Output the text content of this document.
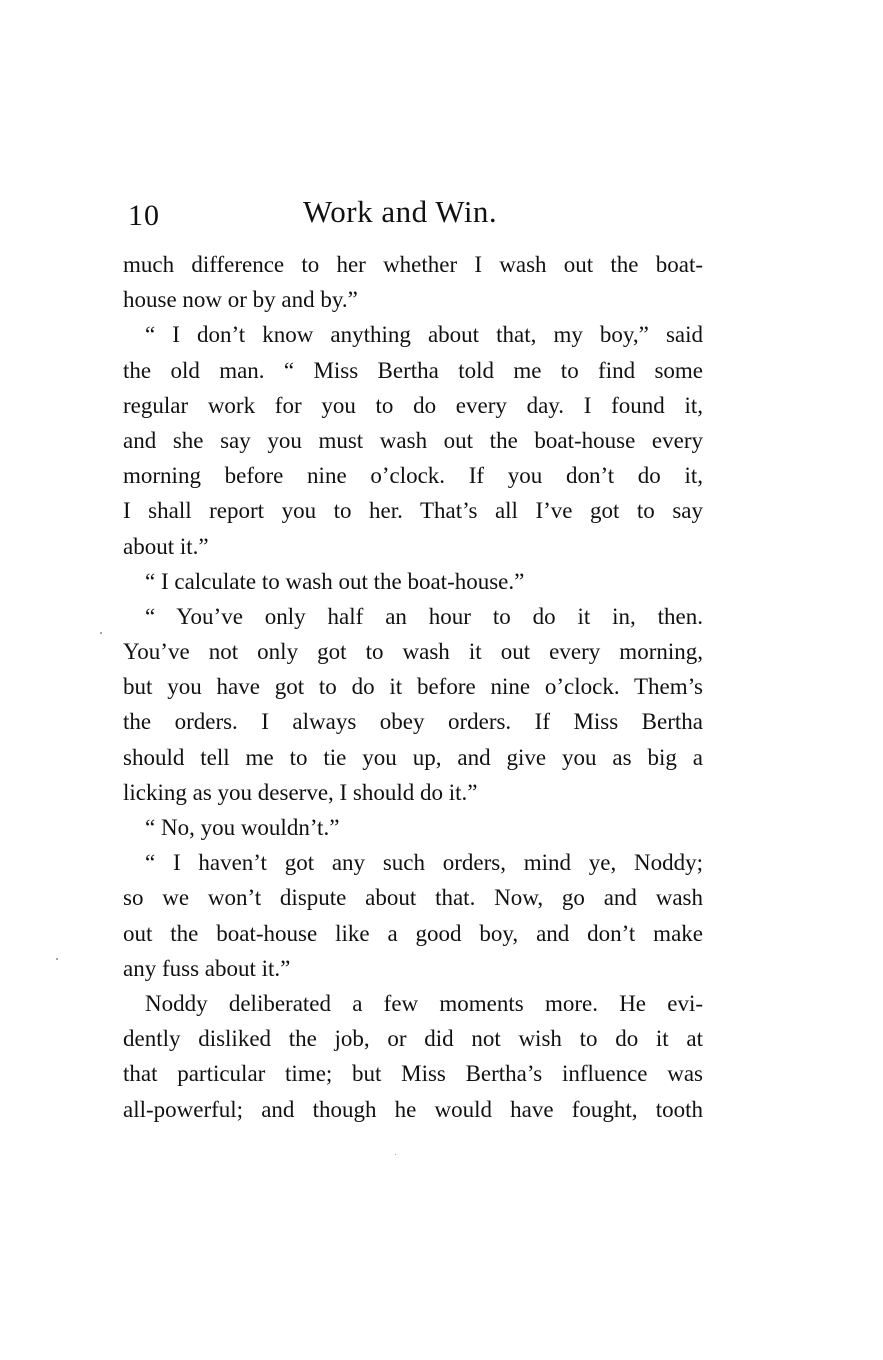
10	Work and Win.
much difference to her whether I wash out the boat-
house now or by and by.”
“ I don’t know anything about that, my boy,” said
the old man. “ Miss Bertha told me to find some
regular work for you to do every day. I found it,
and she say you must wash out the boat-house every
morning before nine o’clock. If you don’t do it,
I shall report you to her. That’s all I’ve got to say
about it.”
“ I calculate to wash out the boat-house.”
“ You’ve only half an hour to do it in, then.
You’ve not only got to wash it out every morning,
but you have got to do it before nine o’clock. Them’s
the orders. I always obey orders. If Miss Bertha
should tell me to tie you up, and give you as big a
licking as you deserve, I should do it.”
“ No, you wouldn’t.”
“ I haven’t got any such orders, mind ye, Noddy;
so we won’t dispute about that. Now, go and wash
out the boat-house like a good boy, and don’t make
any fuss about it.”
Noddy deliberated a few moments more. He evi-
dently disliked the job, or did not wish to do it at
that particular time; but Miss Bertha’s influence was
all-powerful; and though he would have fought, tooth
